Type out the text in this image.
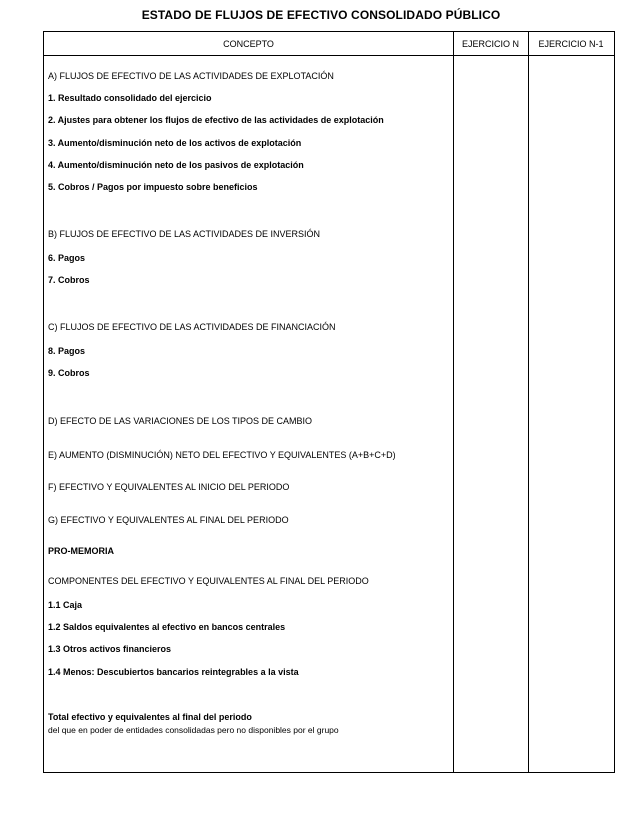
ESTADO DE FLUJOS DE EFECTIVO CONSOLIDADO PÚBLICO
CONCEPTO	EJERCICIO N	EJERCICIO N-1
A) FLUJOS DE EFECTIVO DE LAS ACTIVIDADES DE EXPLOTACIÓN
1. Resultado consolidado del ejercicio
2. Ajustes para obtener los flujos de efectivo de las actividades de explotación
3. Aumento/disminución neto de los activos de explotación
4. Aumento/disminución neto de los pasivos de explotación
5. Cobros / Pagos por impuesto sobre beneficios
B) FLUJOS DE EFECTIVO DE LAS ACTIVIDADES DE INVERSIÓN
6. Pagos
7. Cobros
C) FLUJOS DE EFECTIVO DE LAS ACTIVIDADES DE FINANCIACIÓN
8. Pagos
9. Cobros
D) EFECTO DE LAS VARIACIONES DE LOS TIPOS DE CAMBIO
E) AUMENTO (DISMINUCIÓN) NETO DEL EFECTIVO Y EQUIVALENTES (A+B+C+D)
F) EFECTIVO Y EQUIVALENTES AL INICIO DEL PERIODO
G) EFECTIVO Y EQUIVALENTES AL FINAL DEL PERIODO
PRO-MEMORIA
COMPONENTES DEL EFECTIVO Y EQUIVALENTES AL FINAL DEL PERIODO
1.1 Caja
1.2 Saldos equivalentes al efectivo en bancos centrales
1.3 Otros activos financieros
1.4 Menos: Descubiertos bancarios reintegrables a la vista
Total efectivo y equivalentes al final del periodo
del que en poder de entidades consolidadas pero no disponibles por el grupo
